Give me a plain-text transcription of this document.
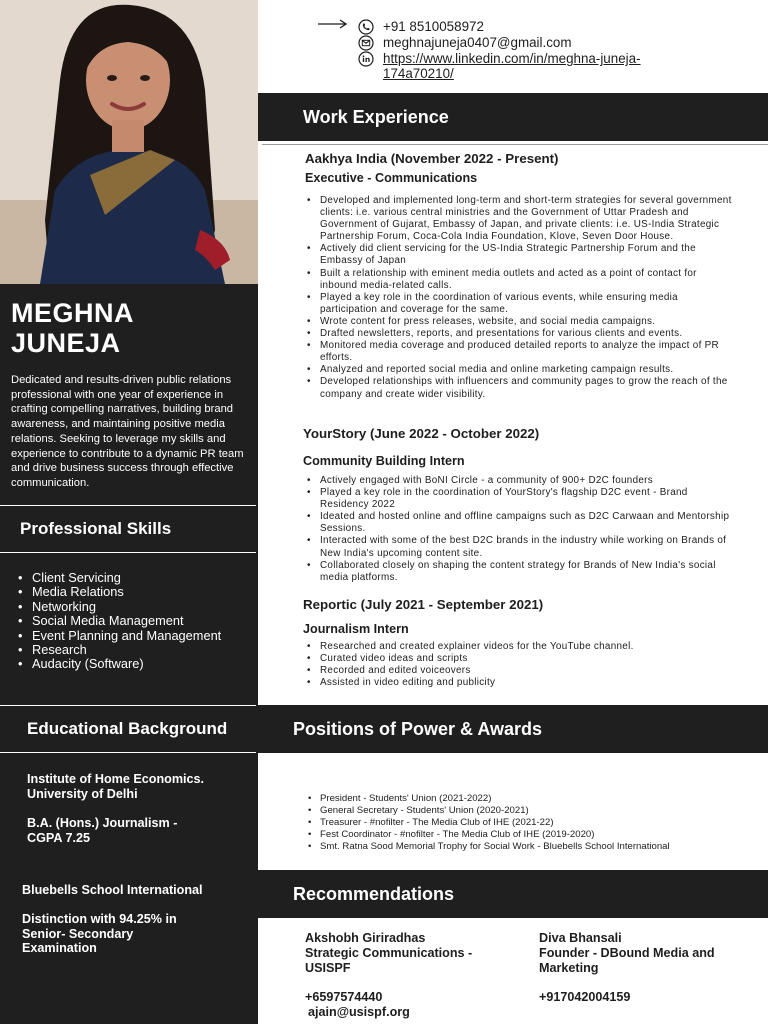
MEGHNA
JUNEJA

Dedicated and results-driven public relations professional with one year of experience in crafting compelling narratives, building brand awareness, and maintaining positive media relations. Seeking to leverage my skills and experience to contribute to a dynamic PR team and drive business success through effective communication.

Professional Skills
• Client Servicing
• Media Relations
• Networking
• Social Media Management
• Event Planning and Management
• Research
• Audacity (Software)
Educational Background
Institute of Home Economics.
University of Delhi
B.A. (Hons.) Journalism -
CGPA 7.25
Bluebells School International
Distinction with 94.25% in
Senior- Secondary
Examination
+91 8510058972
meghnajuneja0407@gmail.com
https://www.linkedin.com/in/meghna-juneja-
174a70210/
Work Experience
Aakhya India (November 2022 - Present)
Executive - Communications
• Developed and implemented long-term and short-term strategies for several government clients: i.e. various central ministries and the Government of Uttar Pradesh and Government of Gujarat, Embassy of Japan, and private clients: i.e. US-India Strategic Partnership Forum, Coca-Cola India Foundation, Klove, Seven Door House.
• Actively did client servicing for the US-India Strategic Partnership Forum and the Embassy of Japan
• Built a relationship with eminent media outlets and acted as a point of contact for inbound media-related calls.
• Played a key role in the coordination of various events, while ensuring media participation and coverage for the same.
• Wrote content for press releases, website, and social media campaigns.
• Drafted newsletters, reports, and presentations for various clients and events.
• Monitored media coverage and produced detailed reports to analyze the impact of PR efforts.
• Analyzed and reported social media and online marketing campaign results.
• Developed relationships with influencers and community pages to grow the reach of the company and create wider visibility.
YourStory (June 2022 - October 2022)
Community Building Intern
• Actively engaged with BoNI Circle - a community of 900+ D2C founders
• Played a key role in the coordination of YourStory's flagship D2C event - Brand Residency 2022
• Ideated and hosted online and offline campaigns such as D2C Carwaan and Mentorship Sessions.
• Interacted with some of the best D2C brands in the industry while working on Brands of New India's upcoming content site.
• Collaborated closely on shaping the content strategy for Brands of New India's social media platforms.
Reportic (July 2021 - September 2021)
Journalism Intern
• Researched and created explainer videos for the YouTube channel.
• Curated video ideas and scripts
• Recorded and edited voiceovers
• Assisted in video editing and publicity
Positions of Power & Awards
• President - Students' Union (2021-2022)
• General Secretary - Students' Union (2020-2021)
• Treasurer - #nofilter - The Media Club of IHE (2021-22)
• Fest Coordinator - #nofilter - The Media Club of IHE (2019-2020)
• Smt. Ratna Sood Memorial Trophy for Social Work - Bluebells School International
Recommendations
Akshobh Giriradhas
Strategic Communications -
USISPF
+6597574440
ajain@usispf.org
Diva Bhansali
Founder - DBound Media and
Marketing
+917042004159
